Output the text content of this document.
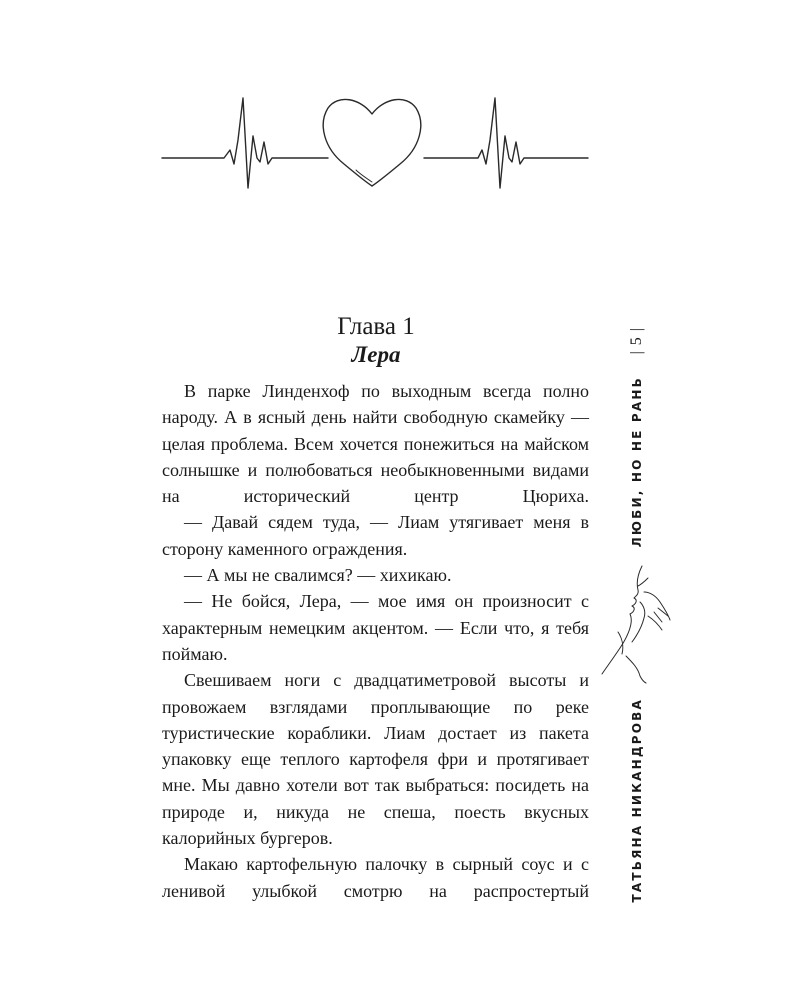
Глава 1
Лера

В парке Линденхоф по выходным всегда полно народу. А в ясный день найти свободную скамейку — целая проблема. Всем хочется понежиться на майском солнышке и полюбоваться необыкновенными видами на исторический центр Цюриха.

— Давай сядем туда, — Лиам утягивает меня в сторону каменного ограждения.

— А мы не свалимся? — хихикаю.

— Не бойся, Лера, — мое имя он произносит с характерным немецким акцентом. — Если что, я тебя поймаю.

Свешиваем ноги с двадцатиметровой высоты и провожаем взглядами проплывающие по реке туристические кораблики. Лиам достает из пакета упаковку еще теплого картофеля фри и протягивает мне. Мы давно хотели вот так выбраться: посидеть на природе и, никуда не спеша, поесть вкусных калорийных бургеров.

Макаю картофельную палочку в сырный соус и с ленивой улыбкой смотрю на распростертый

| 5 |
ЛЮБИ, НО НЕ РАНЬ
ТАТЬЯНА НИКАНДРОВА
